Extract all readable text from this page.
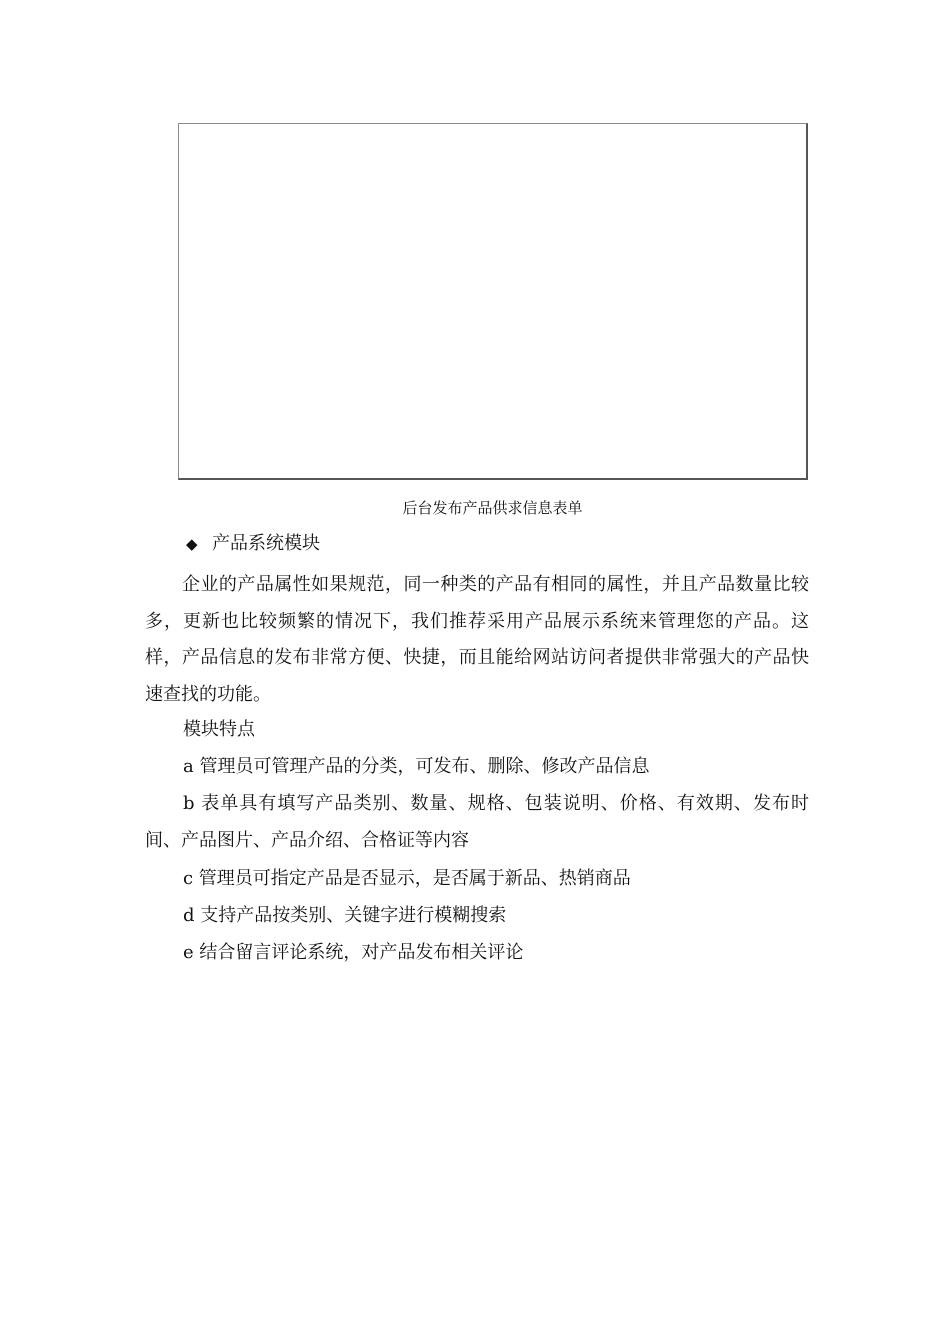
后台发布产品供求信息表单
◆ 产品系统模块

企业的产品属性如果规范，同一种类的产品有相同的属性，并且产品数量比较多，更新也比较频繁的情况下，我们推荐采用产品展示系统来管理您的产品。这样，产品信息的发布非常方便、快捷，而且能给网站访问者提供非常强大的产品快速查找的功能。

模块特点
a 管理员可管理产品的分类，可发布、删除、修改产品信息

b 表单具有填写产品类别、数量、规格、包装说明、价格、有效期、发布时间、产品图片、产品介绍、合格证等内容

c 管理员可指定产品是否显示，是否属于新品、热销商品
d 支持产品按类别、关键字进行模糊搜索
e 结合留言评论系统，对产品发布相关评论
